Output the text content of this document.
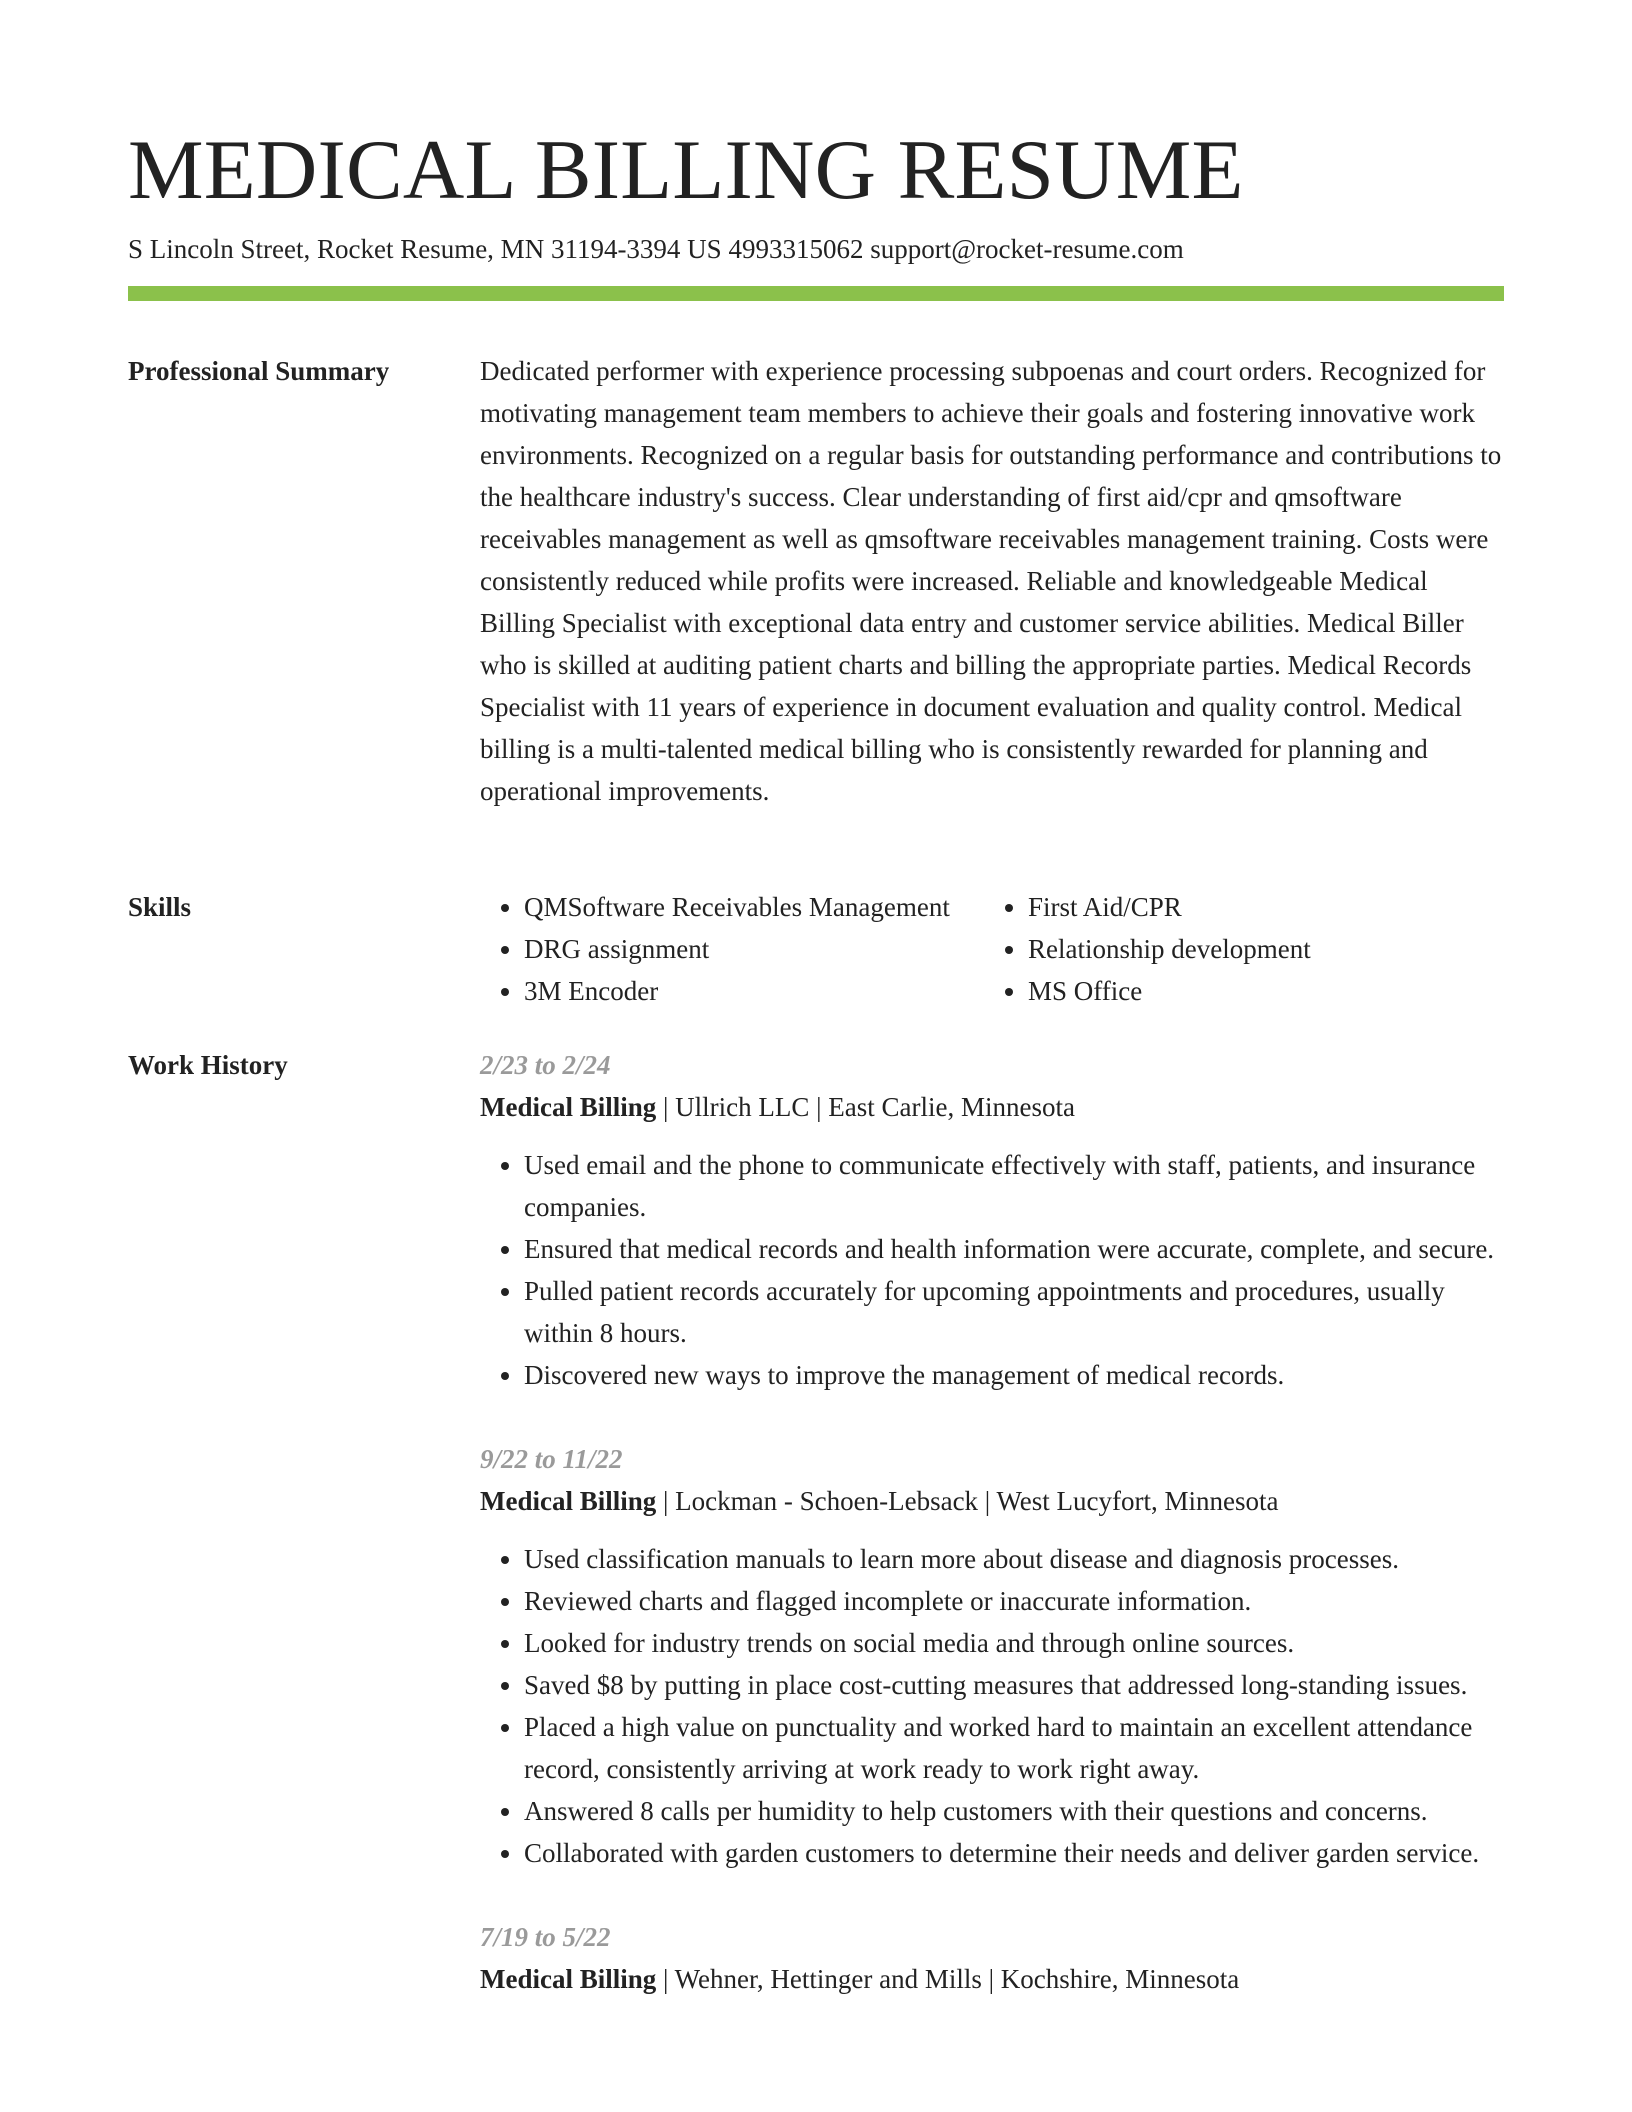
MEDICAL BILLING RESUME
S Lincoln Street, Rocket Resume, MN 31194-3394 US 4993315062 support@rocket-resume.com
Professional Summary	Dedicated performer with experience processing subpoenas and court orders. Recognized for motivating management team members to achieve their goals and fostering innovative work environments. Recognized on a regular basis for outstanding performance and contributions to the healthcare industry's success. Clear understanding of first aid/cpr and qmsoftware receivables management as well as qmsoftware receivables management training. Costs were consistently reduced while profits were increased. Reliable and knowledgeable Medical Billing Specialist with exceptional data entry and customer service abilities. Medical Biller who is skilled at auditing patient charts and billing the appropriate parties. Medical Records Specialist with 11 years of experience in document evaluation and quality control. Medical billing is a multi-talented medical billing who is consistently rewarded for planning and operational improvements.

Skills
•	QMSoftware Receivables Management
• DRG assignment
• 3M Encoder
• First Aid/CPR
• Relationship development
• MS Office
Work History	2/23 to 2/24
Medical Billing | Ullrich LLC | East Carlie, Minnesota
• Used email and the phone to communicate effectively with staff, patients, and insurance companies.
• Ensured that medical records and health information were accurate, complete, and secure.
• Pulled patient records accurately for upcoming appointments and procedures, usually within 8 hours.
• Discovered new ways to improve the management of medical records.
9/22 to 11/22
Medical Billing | Lockman - Schoen-Lebsack | West Lucyfort, Minnesota
• Used classification manuals to learn more about disease and diagnosis processes.
• Reviewed charts and flagged incomplete or inaccurate information.
• Looked for industry trends on social media and through online sources.
• Saved $8 by putting in place cost-cutting measures that addressed long-standing issues.
• Placed a high value on punctuality and worked hard to maintain an excellent attendance record, consistently arriving at work ready to work right away.
• Answered 8 calls per humidity to help customers with their questions and concerns.
• Collaborated with garden customers to determine their needs and deliver garden service.
7/19 to 5/22
Medical Billing | Wehner, Hettinger and Mills | Kochshire, Minnesota
